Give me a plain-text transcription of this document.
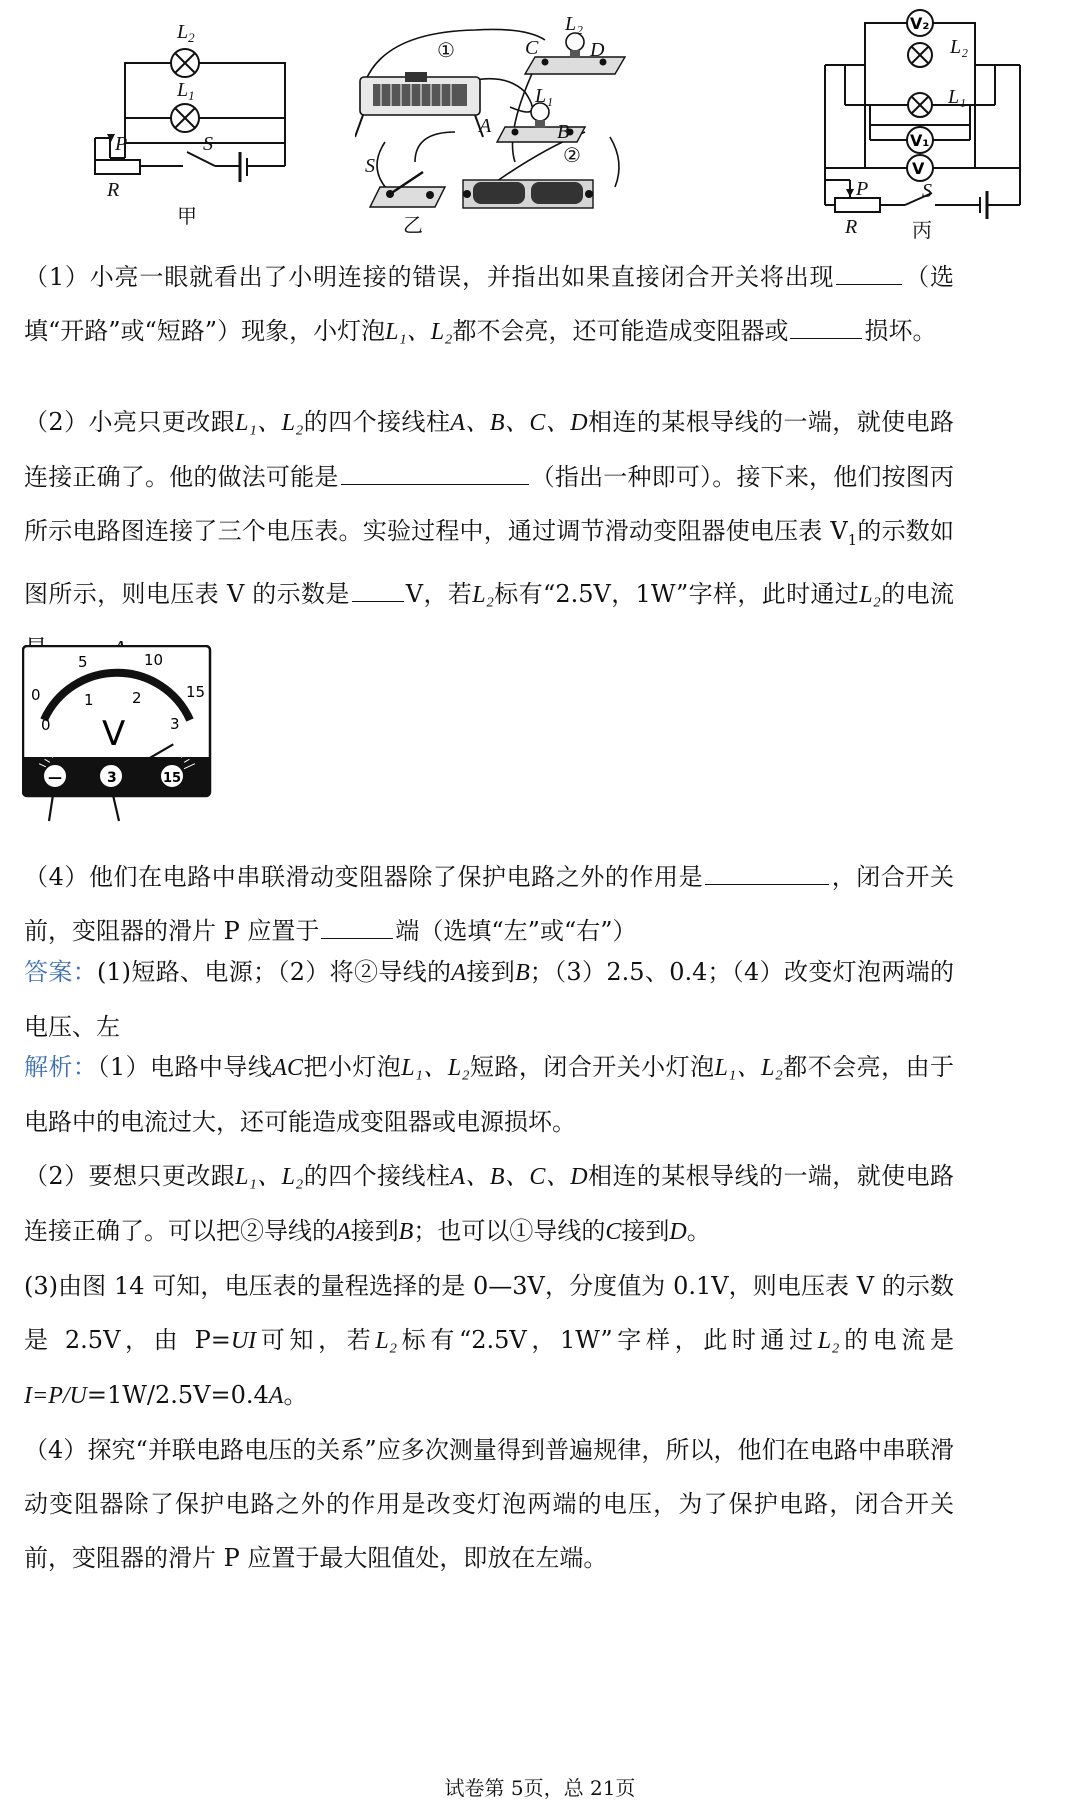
$L_2$
$L_1$
P
R
S
甲
①
②
C	D
L₂
L₁
A	B
S
乙
V₂
V₁
V
L₂
L₁
P
R
S
丙
（1）小亮一眼就看出了小明连接的错误，并指出如果直接闭合开关将出现	（选填“开路”或“短路”）现象，小灯泡L₁、L₂都不会亮，还可能造成变阻器或	损坏。
（2）小亮只更改跟L₁、L₂的四个接线柱A、B、C、D相连的某根导线的一端，就使电路连接正确了。他的做法可能是	（指出一种即可）。接下来，他们按图丙所示电路图连接了三个电压表。实验过程中，通过调节滑动变阻器使电压表 $V_1$的示数如图所示，则电压表 V 的示数是 V，若L₂标有“2.5V，1W”字样，此时通过L₂的电流
0
5	10
15
0
1	2
3
V
—	3	15
（4）他们在电路中串联滑动变阻器除了保护电路之外的作用是	，闭合开关前，变阻器的滑片 P 应置于	端（选填“左”或“右”）
答案：(1)短路、电源；（2）将②导线的A接到B；（3）2.5、0.4；（4）改变灯泡两端的电压、左
解析：（1）电路中导线AC把小灯泡L₁、L₂短路，闭合开关小灯泡L₁、L₂都不会亮，由于电路中的电流过大，还可能造成变阻器或电源损坏。
（2）要想只更改跟L₁、L₂的四个接线柱A、B、C、D相连的某根导线的一端，就使电路连接正确了。可以把②导线的A接到B；也可以①导线的C接到D。
(3)由图 14 可知，电压表的量程选择的是 0—3V，分度值为 0.1V，则电压表 V 的示数是 2.5V，由 P=UI可知，若L₂标有“2.5V，1W”字样，此时通过L₂的电流是I=P/U=1W/2.5V=0.4A。
（4）探究“并联电路电压的关系”应多次测量得到普遍规律，所以，他们在电路中串联滑动变阻器除了保护电路之外的作用是改变灯泡两端的电压，为了保护电路，闭合开关前，变阻器的滑片 P 应置于最大阻值处，即放在左端。
试卷第 5页，总 21页
